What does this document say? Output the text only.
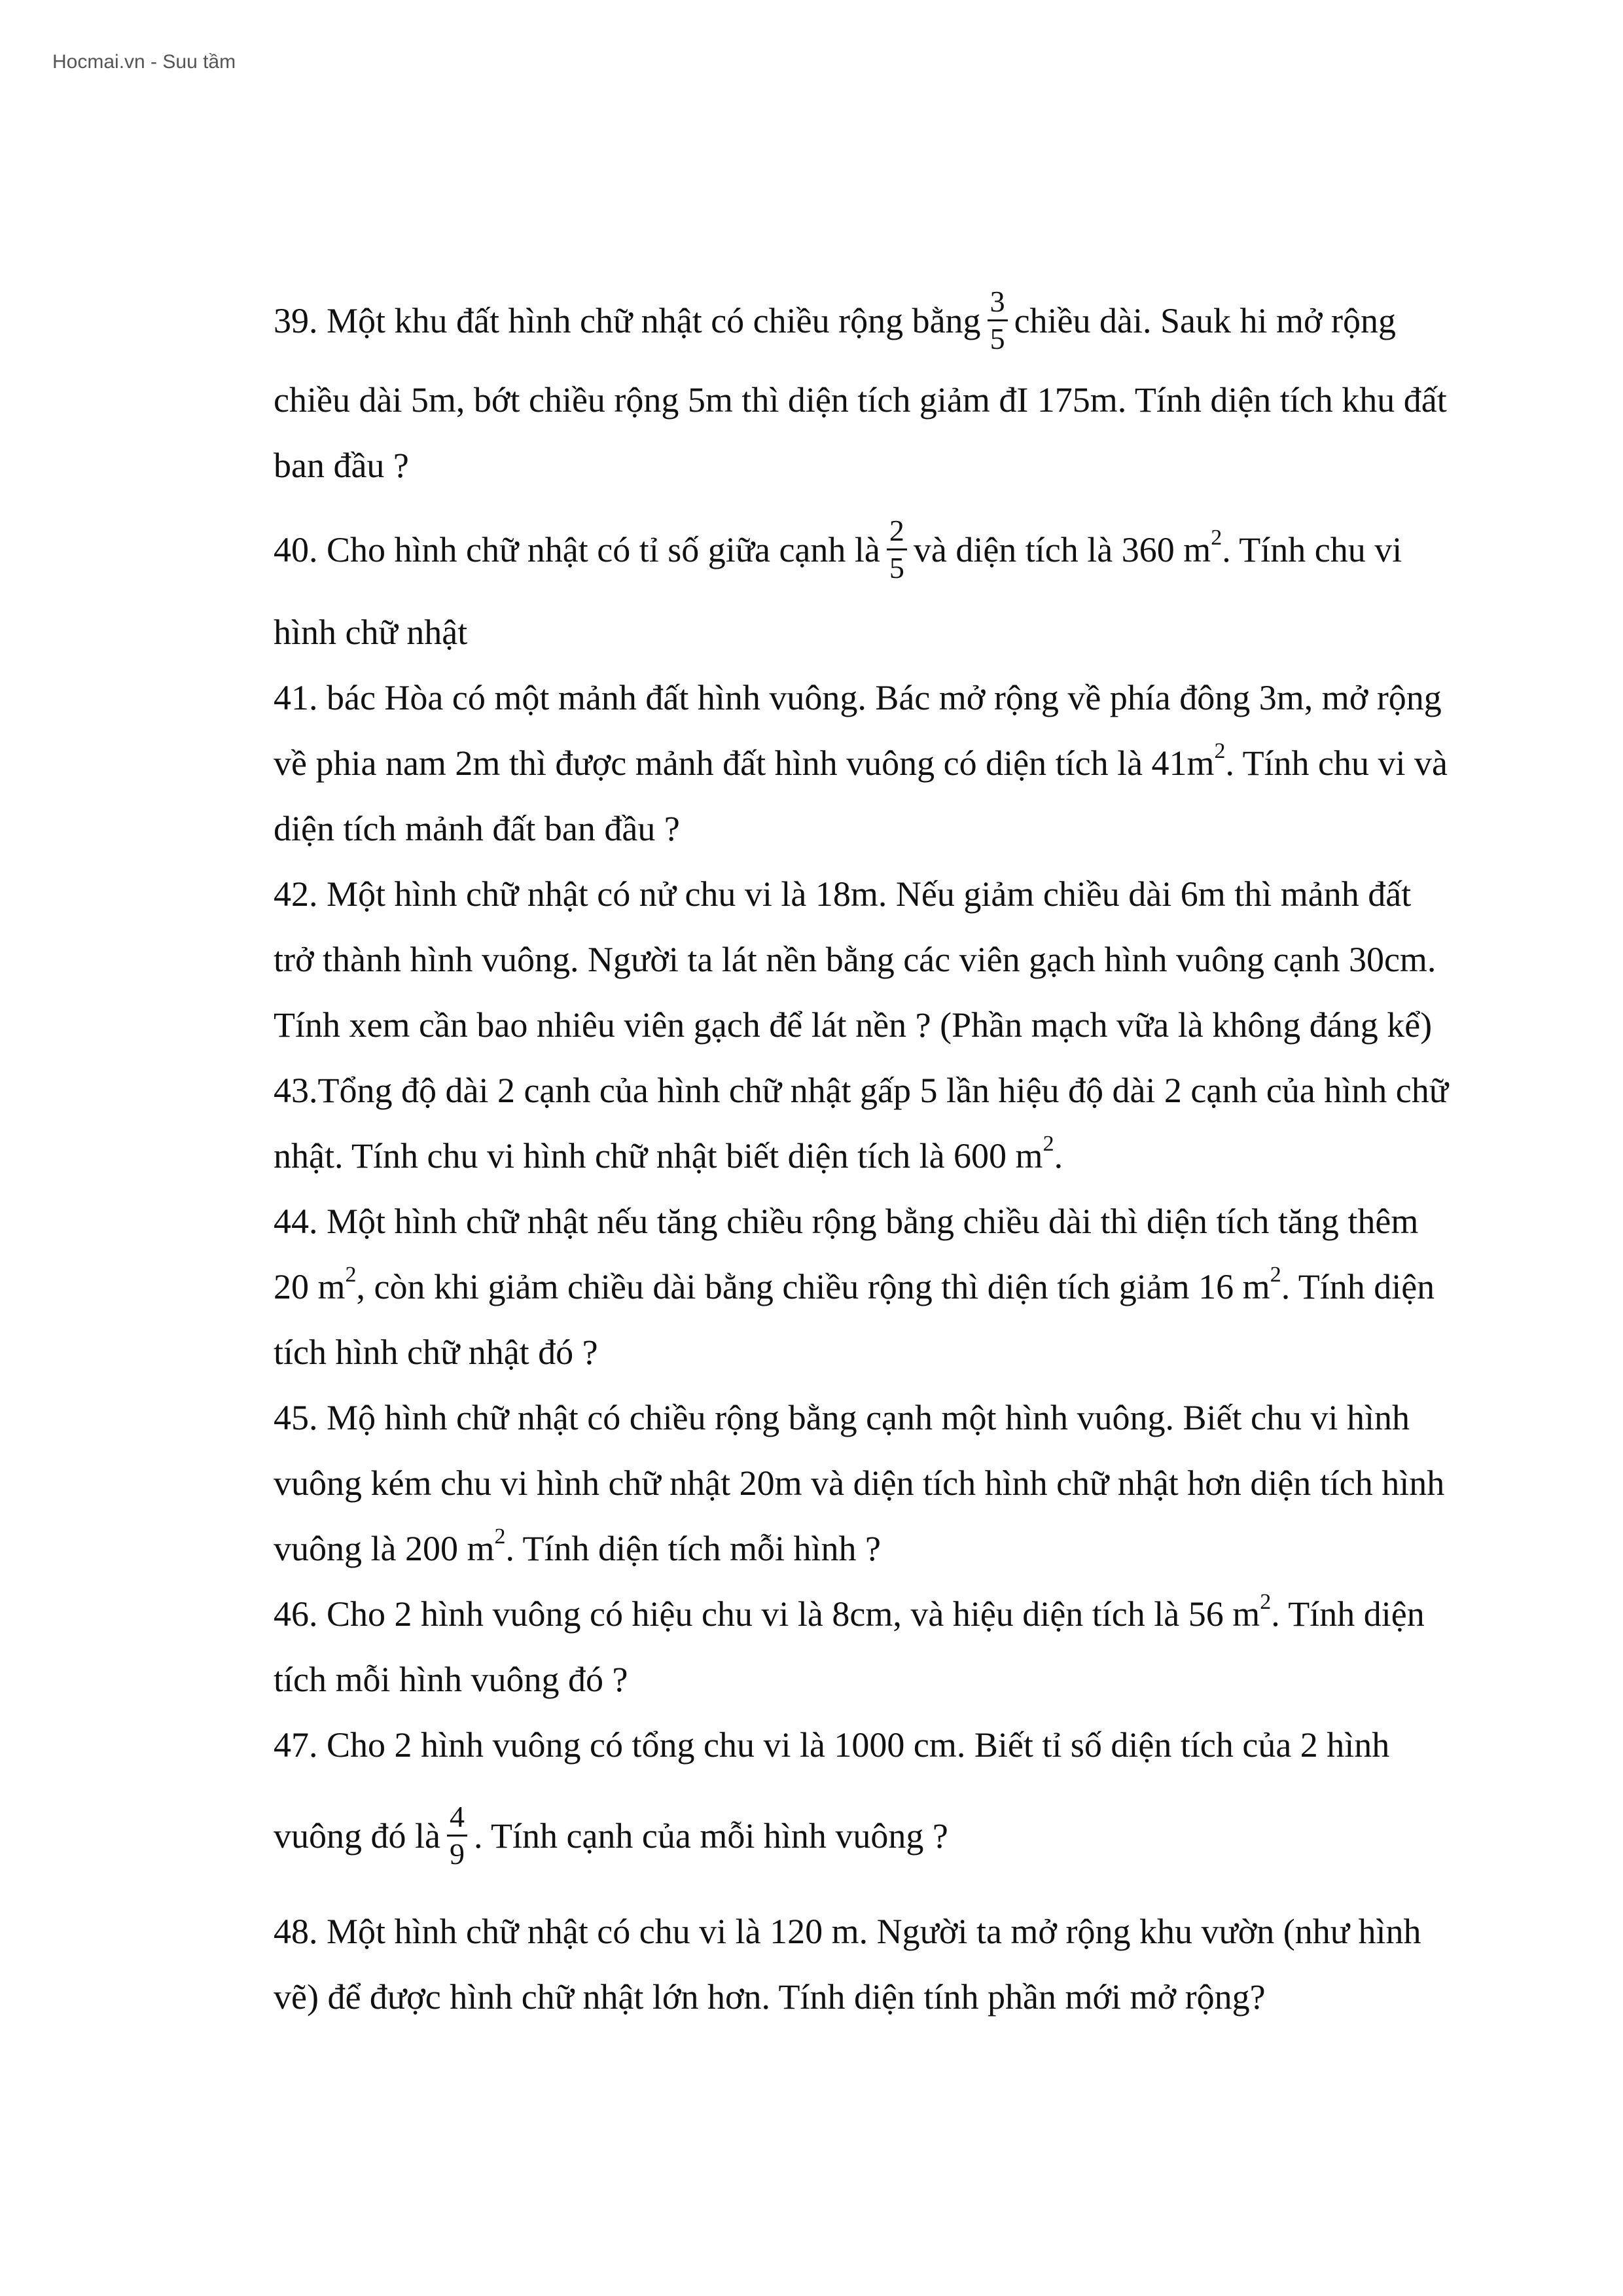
Hocmai.vn - Suu tầm
39. Một khu đất hình chữ nhật có chiều rộng bằng $\frac{3}{5}$ chiều dài. Sauk hi mở rộng
chiều dài 5m, bớt chiều rộng 5m thì diện tích giảm đI 175m. Tính diện tích khu đất
ban đầu ?
40. Cho hình chữ nhật có tỉ số giữa cạnh là $\frac{2}{5}$ và diện tích là 360 $m^2$. Tính chu vi
hình chữ nhật
41. bác Hòa có một mảnh đất hình vuông. Bác mở rộng về phía đông 3m, mở rộng
về phia nam 2m thì được mảnh đất hình vuông có diện tích là $41m^2$. Tính chu vi và
diện tích mảnh đất ban đầu ?
42. Một hình chữ nhật có nử chu vi là 18m. Nếu giảm chiều dài 6m thì mảnh đất
trở thành hình vuông. Người ta lát nền bằng các viên gạch hình vuông cạnh 30cm.
Tính xem cần bao nhiêu viên gạch để lát nền ? (Phần mạch vữa là không đáng kể)
43.Tổng độ dài 2 cạnh của hình chữ nhật gấp 5 lần hiệu độ dài 2 cạnh của hình chữ
nhật. Tính chu vi hình chữ nhật biết diện tích là 600 $m^2$.
44. Một hình chữ nhật nếu tăng chiều rộng bằng chiều dài thì diện tích tăng thêm
20 $m^2$, còn khi giảm chiều dài bằng chiều rộng thì diện tích giảm 16 $m^2$. Tính diện
tích hình chữ nhật đó ?
45. Mộ hình chữ nhật có chiều rộng bằng cạnh một hình vuông. Biết chu vi hình
vuông kém chu vi hình chữ nhật 20m và diện tích hình chữ nhật hơn diện tích hình
vuông là 200 $m^2$. Tính diện tích mỗi hình ?
46. Cho 2 hình vuông có hiệu chu vi là 8cm, và hiệu diện tích là 56 $m^2$. Tính diện
tích mỗi hình vuông đó ?
47. Cho 2 hình vuông có tổng chu vi là 1000 cm. Biết tỉ số diện tích của 2 hình
vuông đó là $\frac{4}{9}$ . Tính cạnh của mỗi hình vuông ?
48. Một hình chữ nhật có chu vi là 120 m. Người ta mở rộng khu vườn (như hình
vẽ) để được hình chữ nhật lớn hơn. Tính diện tính phần mới mở rộng?
